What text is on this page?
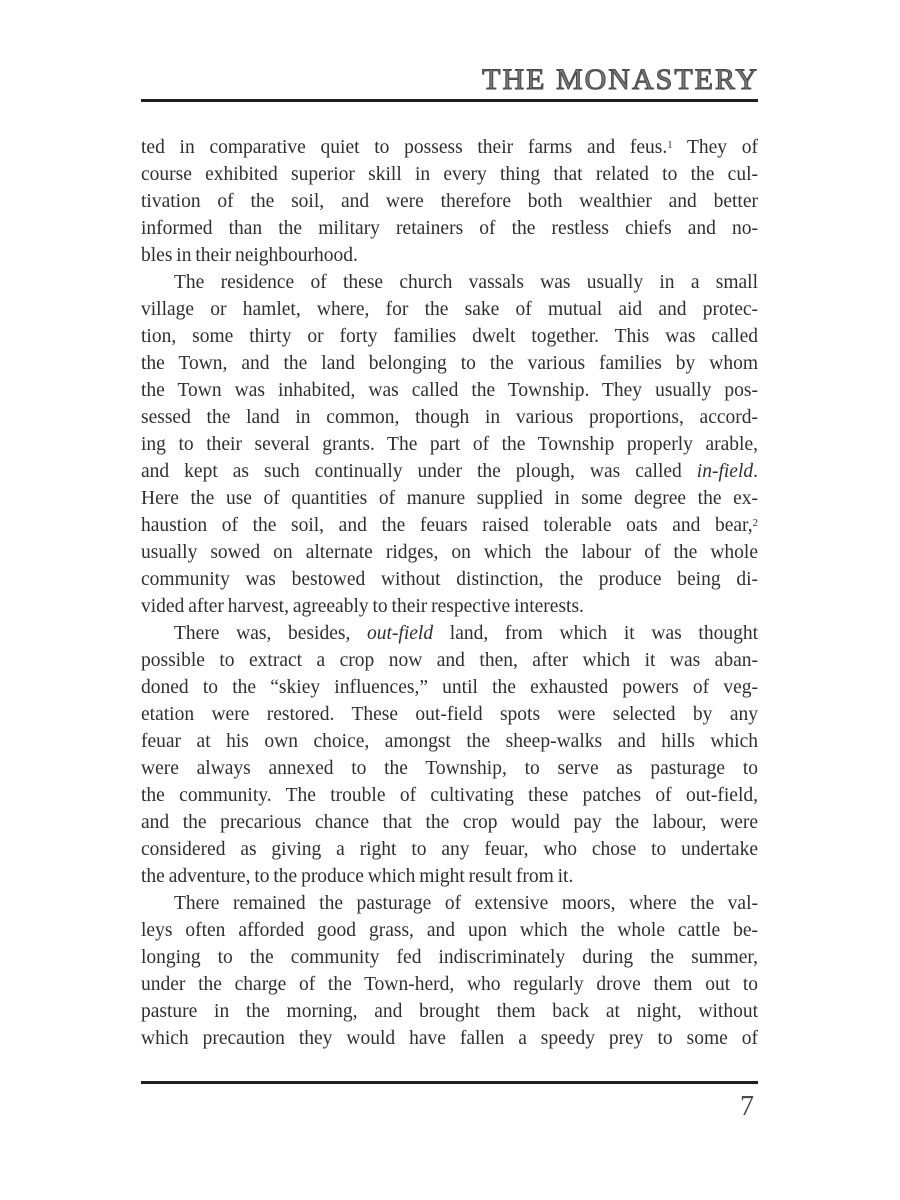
THE MONASTERY
ted in comparative quiet to possess their farms and feus.$^1$ They of
course exhibited superior skill in every thing that related to the cul-
tivation of the soil, and were therefore both wealthier and better
informed than the military retainers of the restless chiefs and no-
bles in their neighbourhood.
The residence of these church vassals was usually in a small
village or hamlet, where, for the sake of mutual aid and protec-
tion, some thirty or forty families dwelt together. This was called
the Town, and the land belonging to the various families by whom
the Town was inhabited, was called the Township. They usually pos-
sessed the land in common, though in various proportions, accord-
ing to their several grants. The part of the Township properly arable,
and kept as such continually under the plough, was called in-field.
Here the use of quantities of manure supplied in some degree the ex-
haustion of the soil, and the feuars raised tolerable oats and bear,$^2$
usually sowed on alternate ridges, on which the labour of the whole
community was bestowed without distinction, the produce being di-
vided after harvest, agreeably to their respective interests.
There was, besides, out-field land, from which it was thought
possible to extract a crop now and then, after which it was aban-
doned to the “skiey influences,” until the exhausted powers of veg-
etation were restored. These out-field spots were selected by any
feuar at his own choice, amongst the sheep-walks and hills which
were always annexed to the Township, to serve as pasturage to
the community. The trouble of cultivating these patches of out-field,
and the precarious chance that the crop would pay the labour, were
considered as giving a right to any feuar, who chose to undertake
the adventure, to the produce which might result from it.
There remained the pasturage of extensive moors, where the val-
leys often afforded good grass, and upon which the whole cattle be-
longing to the community fed indiscriminately during the summer,
under the charge of the Town-herd, who regularly drove them out to
pasture in the morning, and brought them back at night, without
which precaution they would have fallen a speedy prey to some of
7
